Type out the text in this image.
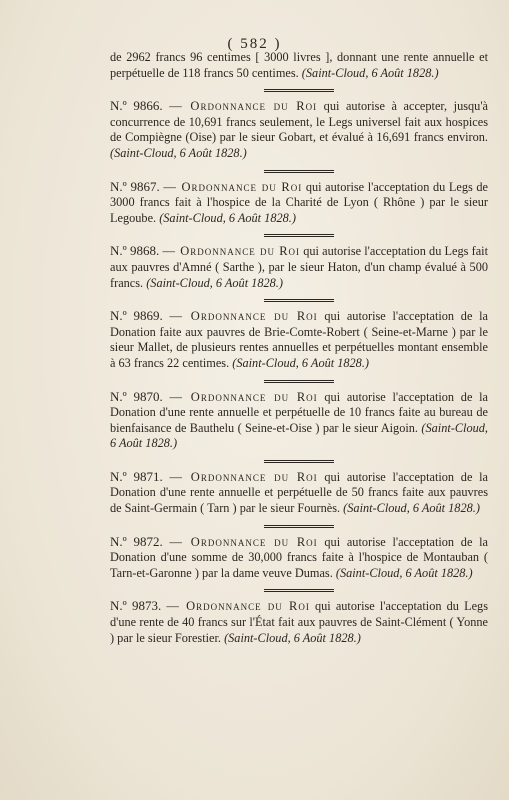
( 582 )

de 2962 francs 96 centimes [ 3000 livres ], donnant une rente annuelle et perpétuelle de 118 francs 50 centimes. (Saint-Cloud, 6 Août 1828.)

N.º 9866. — Ordonnance du Roi qui autorise à accepter, jusqu'à concurrence de 10,691 francs seulement, le Legs universel fait aux hospices de Compiègne (Oise) par le sieur Gobart, et évalué à 16,691 francs environ. (Saint-Cloud, 6 Août 1828.)

N.º 9867. — Ordonnance du Roi qui autorise l'acceptation du Legs de 3000 francs fait à l'hospice de la Charité de Lyon ( Rhône ) par le sieur Legoube. (Saint-Cloud, 6 Août 1828.)

N.º 9868. — Ordonnance du Roi qui autorise l'acceptation du Legs fait aux pauvres d'Amné ( Sarthe ), par le sieur Haton, d'un champ évalué à 500 francs. (Saint-Cloud, 6 Août 1828.)

N.º 9869. — Ordonnance du Roi qui autorise l'acceptation de la Donation faite aux pauvres de Brie-Comte-Robert ( Seine-et-Marne ) par le sieur Mallet, de plusieurs rentes annuelles et perpétuelles montant ensemble à 63 francs 22 centimes. (Saint-Cloud, 6 Août 1828.)

N.º 9870. — Ordonnance du Roi qui autorise l'acceptation de la Donation d'une rente annuelle et perpétuelle de 10 francs faite au bureau de bienfaisance de Bauthelu ( Seine-et-Oise ) par le sieur Aigoin. (Saint-Cloud, 6 Août 1828.)

N.º 9871. — Ordonnance du Roi qui autorise l'acceptation de la Donation d'une rente annuelle et perpétuelle de 50 francs faite aux pauvres de Saint-Germain ( Tarn ) par le sieur Fournès. (Saint-Cloud, 6 Août 1828.)

N.º 9872. — Ordonnance du Roi qui autorise l'acceptation de la Donation d'une somme de 30,000 francs faite à l'hospice de Montauban ( Tarn-et-Garonne ) par la dame veuve Dumas. (Saint-Cloud, 6 Août 1828.)

N.º 9873. — Ordonnance du Roi qui autorise l'acceptation du Legs d'une rente de 40 francs sur l'État fait aux pauvres de Saint-Clément ( Yonne ) par le sieur Forestier. (Saint-Cloud, 6 Août 1828.)
